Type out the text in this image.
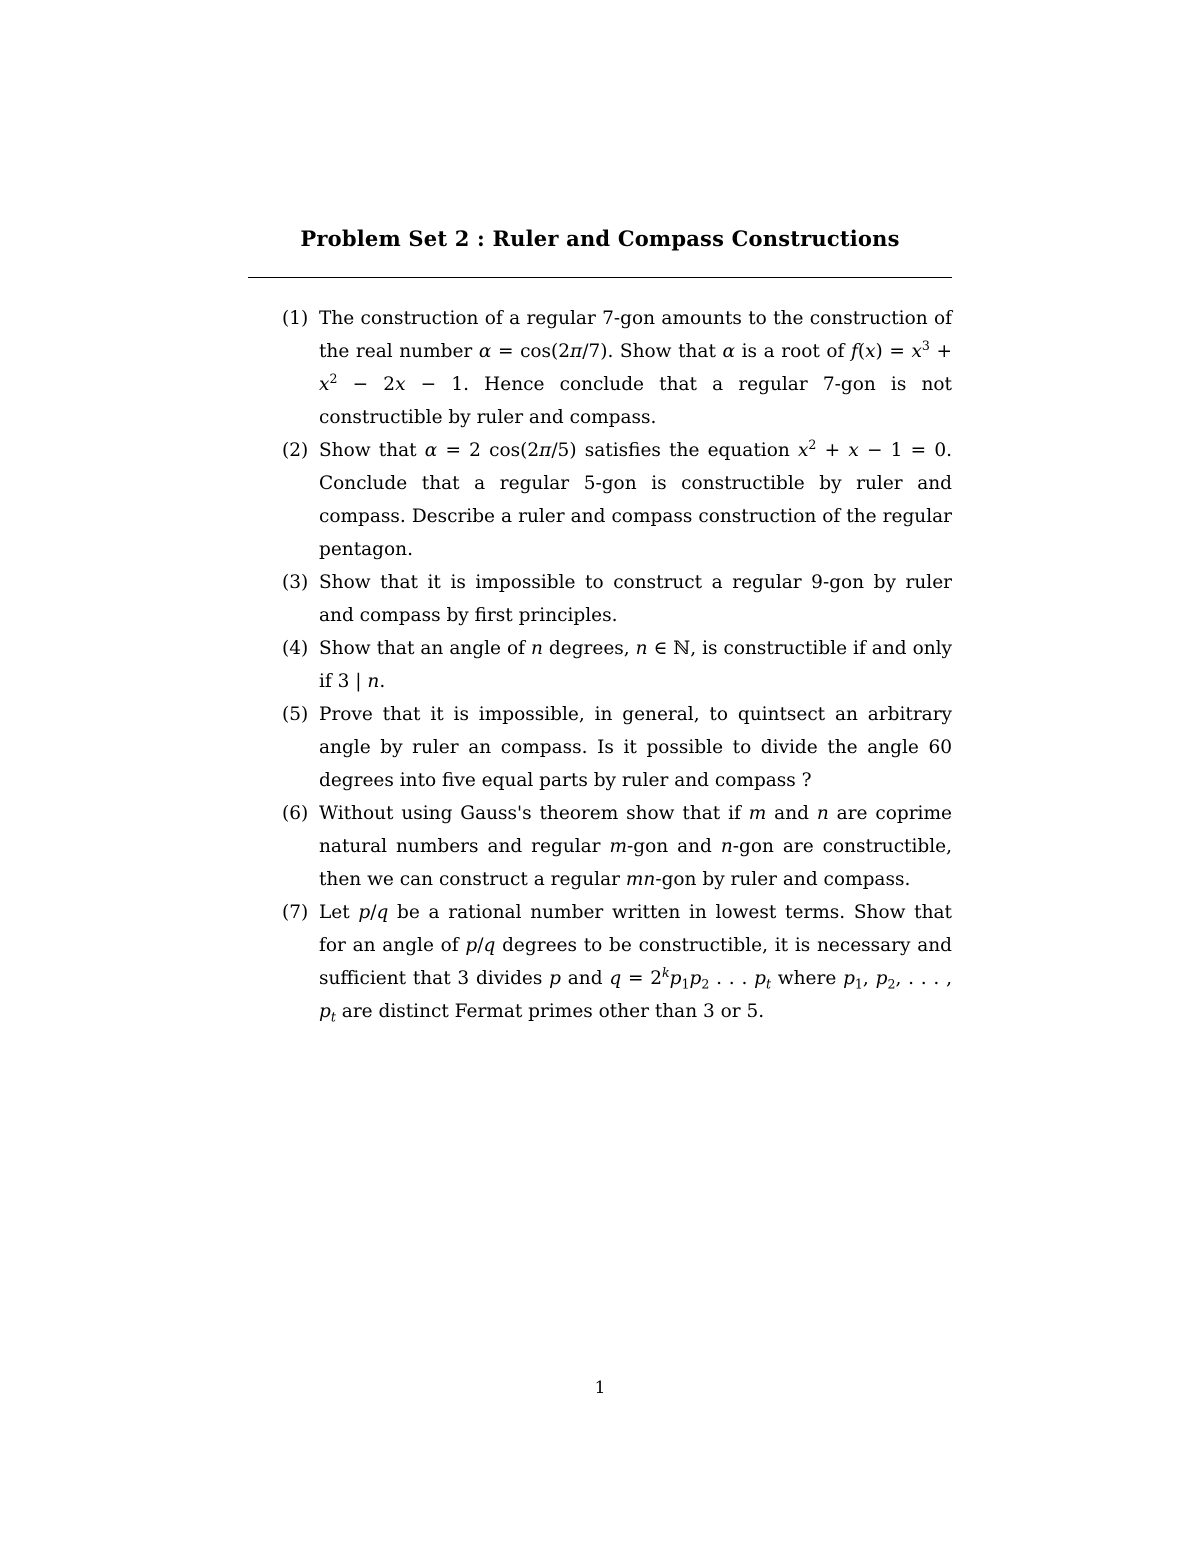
Problem Set 2 : Ruler and Compass Constructions
(1) The construction of a regular 7-gon amounts to the construction of the real number α = cos(2π/7). Show that α is a root of $f(x) = x^3 + x^2 - 2x - 1$. Hence conclude that a regular 7-gon is not constructible by ruler and compass.
(2) Show that α = 2 cos(2π/5) satisfies the equation $x^2 + x - 1 = 0$. Conclude that a regular 5-gon is constructible by ruler and compass. Describe a ruler and compass construction of the regular pentagon.
(3) Show that it is impossible to construct a regular 9-gon by ruler and compass by first principles.
(4) Show that an angle of n degrees, n ∈ ℕ, is constructible if and only if 3 | n.
(5) Prove that it is impossible, in general, to quintsect an arbitrary angle by ruler an compass. Is it possible to divide the angle 60 degrees into five equal parts by ruler and compass ?
(6) Without using Gauss's theorem show that if m and n are coprime natural numbers and regular m-gon and n-gon are constructible, then we can construct a regular mn-gon by ruler and compass.
(7) Let p/q be a rational number written in lowest terms. Show that for an angle of p/q degrees to be constructible, it is necessary and sufficient that 3 divides p and $q = 2^kp_1p_2$ . . . $p_t$ where $p_1$, $p_2$, . . . , $p_t$ are distinct Fermat primes other than 3 or 5.
1
